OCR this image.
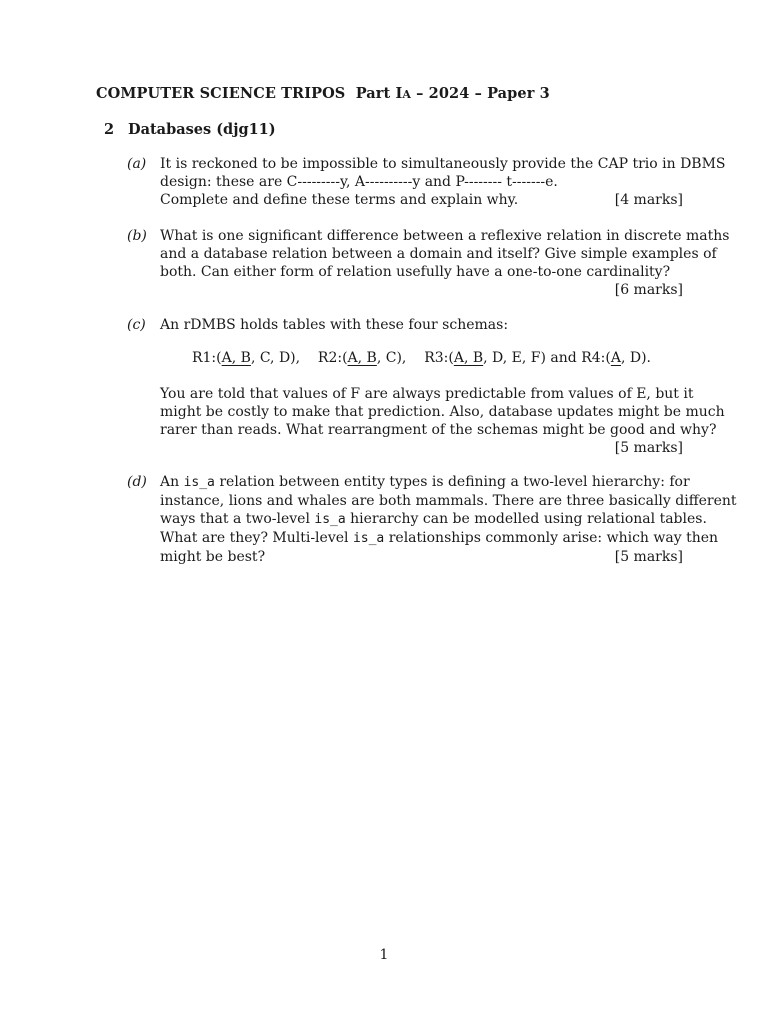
COMPUTER SCIENCE TRIPOS Part IA – 2024 – Paper 3
2 Databases (djg11)
(a) It is reckoned to be impossible to simultaneously provide the CAP trio in DBMS
design: these are C---------y, A----------y and P-------- t-------e.
Complete and define these terms and explain why.	[4 marks]
(b) What is one significant difference between a reflexive relation in discrete maths
and a database relation between a domain and itself? Give simple examples of
both. Can either form of relation usefully have a one-to-one cardinality?
[6 marks]
(c) An rDMBS holds tables with these four schemas:
R1:(A, B, C, D), R2:(A, B, C), R3:(A, B, D, E, F) and R4:(A, D).
You are told that values of F are always predictable from values of E, but it
might be costly to make that prediction. Also, database updates might be much
rarer than reads. What rearrangment of the schemas might be good and why?
[5 marks]
(d) An is_a relation between entity types is defining a two-level hierarchy: for
instance, lions and whales are both mammals. There are three basically different
ways that a two-level is_a hierarchy can be modelled using relational tables.
What are they? Multi-level is_a relationships commonly arise: which way then
might be best?	[5 marks]
1
